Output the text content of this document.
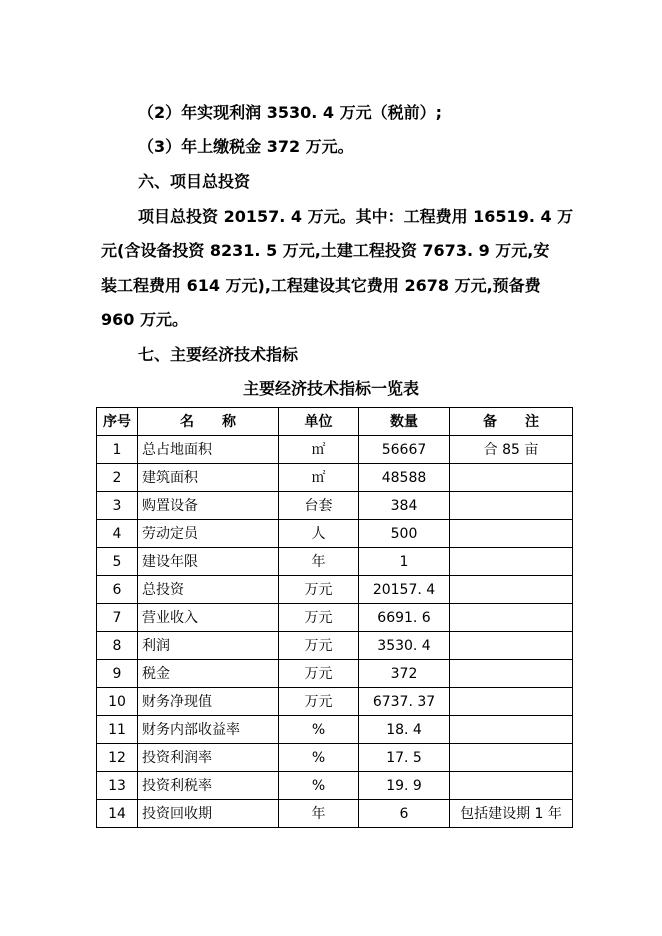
（2）年实现利润 3530. 4 万元（税前）;
（3）年上缴税金 372 万元。
六、项目总投资
项目总投资 20157. 4 万元。其中：工程费用 16519. 4 万
元(含设备投资 8231. 5 万元,土建工程投资 7673. 9 万元,安
装工程费用 614 万元),工程建设其它费用 2678 万元,预备费
960 万元。
七、主要经济技术指标
主要经济技术指标一览表
序号	名　　称	单位	数量	备　　注
1	总占地面积	㎡	56667	合 85 亩
2	建筑面积	㎡	48588	
3	购置设备	台套	384	
4	劳动定员	人	500	
5	建设年限	年	1	
6	总投资	万元	20157. 4	
7	营业收入	万元	6691. 6	
8	利润	万元	3530. 4	
9	税金	万元	372	
10	财务净现值	万元	6737. 37	
11	财务内部收益率	%	18. 4	
12	投资利润率	%	17. 5	
13	投资利税率	%	19. 9	
14	投资回收期	年	6	包括建设期 1 年
